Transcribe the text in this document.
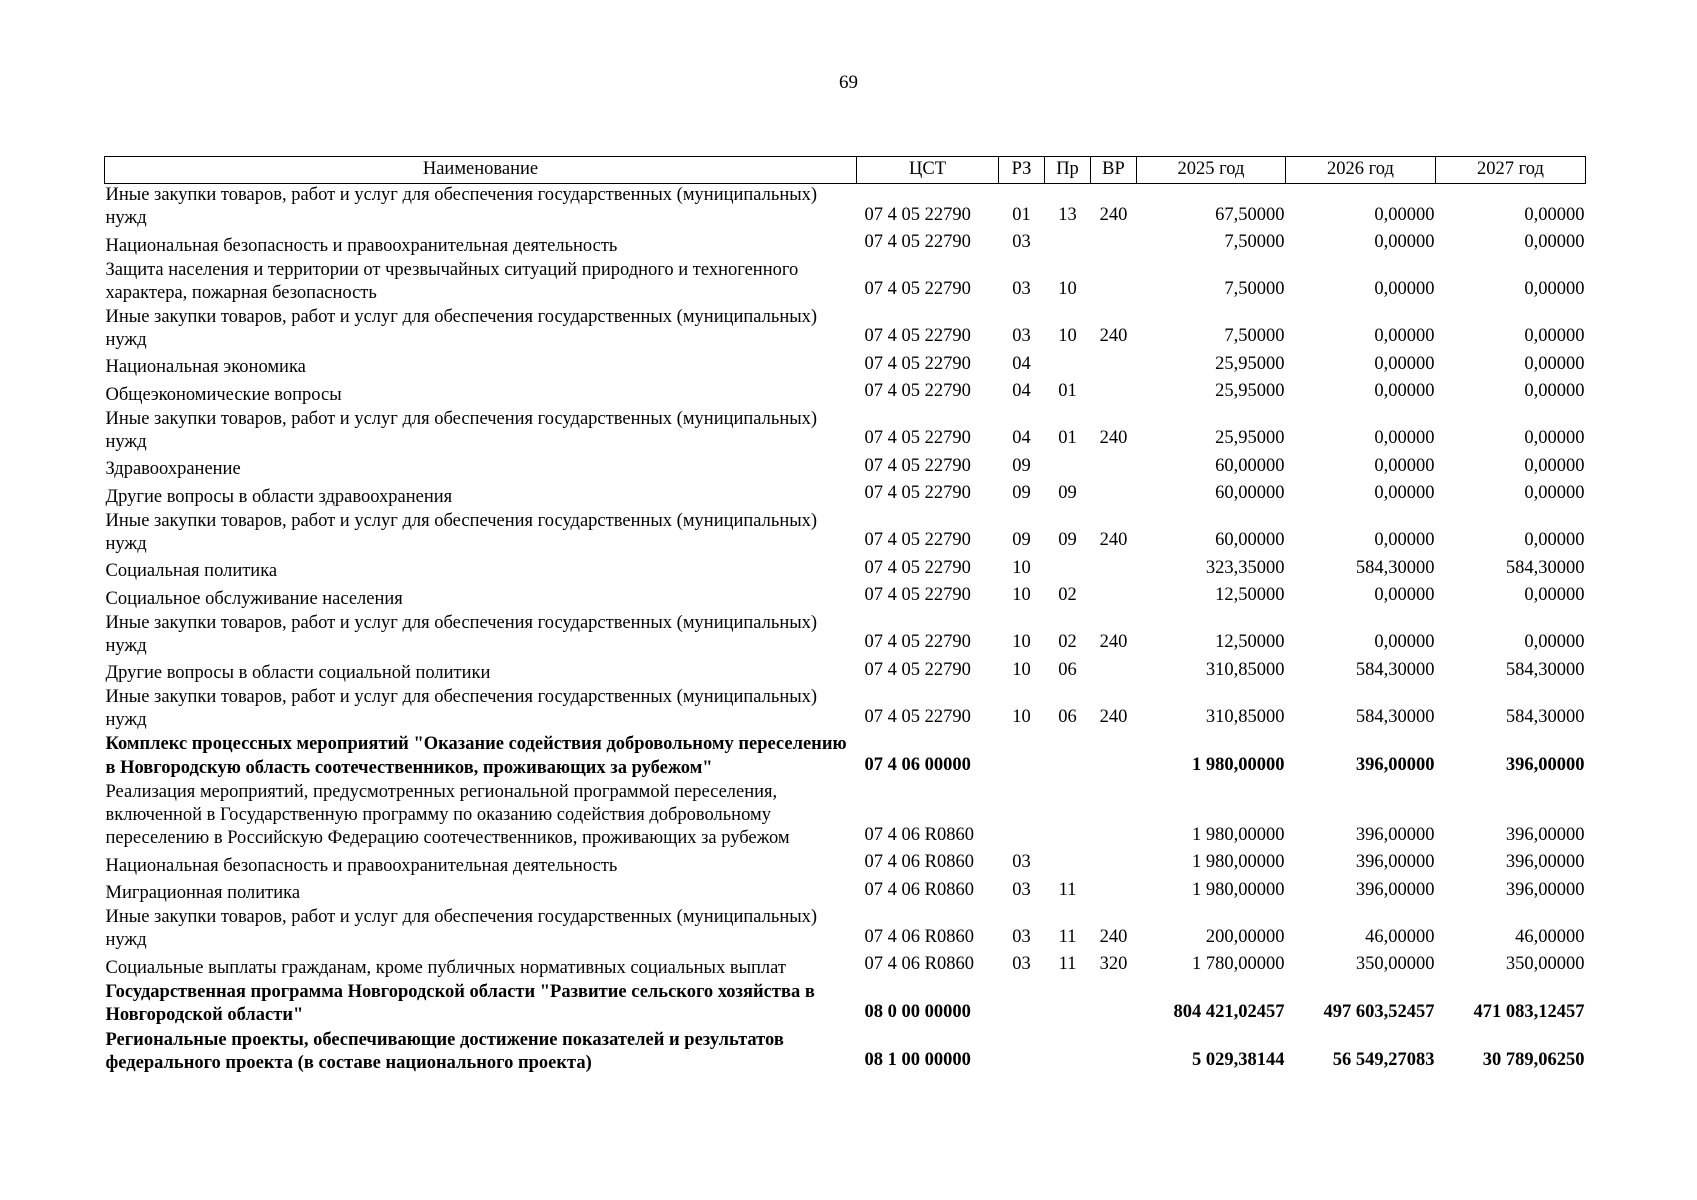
69
Наименование	ЦСТ	РЗ	Пр	ВР	2025 год	2026 год	2027 год
Иные закупки товаров, работ и услуг для обеспечения государственных (муниципальных) нужд	07 4 05 22790	01	13	240	67,50000	0,00000	0,00000
Национальная безопасность и правоохранительная деятельность	07 4 05 22790	03			7,50000	0,00000	0,00000
Защита населения и территории от чрезвычайных ситуаций природного и техногенного характера, пожарная безопасность	07 4 05 22790	03	10		7,50000	0,00000	0,00000
Иные закупки товаров, работ и услуг для обеспечения государственных (муниципальных) нужд	07 4 05 22790	03	10	240	7,50000	0,00000	0,00000
Национальная экономика	07 4 05 22790	04			25,95000	0,00000	0,00000
Общеэкономические вопросы	07 4 05 22790	04	01		25,95000	0,00000	0,00000
Иные закупки товаров, работ и услуг для обеспечения государственных (муниципальных) нужд	07 4 05 22790	04	01	240	25,95000	0,00000	0,00000
Здравоохранение	07 4 05 22790	09			60,00000	0,00000	0,00000
Другие вопросы в области здравоохранения	07 4 05 22790	09	09		60,00000	0,00000	0,00000
Иные закупки товаров, работ и услуг для обеспечения государственных (муниципальных) нужд	07 4 05 22790	09	09	240	60,00000	0,00000	0,00000
Социальная политика	07 4 05 22790	10			323,35000	584,30000	584,30000
Социальное обслуживание населения	07 4 05 22790	10	02		12,50000	0,00000	0,00000
Иные закупки товаров, работ и услуг для обеспечения государственных (муниципальных) нужд	07 4 05 22790	10	02	240	12,50000	0,00000	0,00000
Другие вопросы в области социальной политики	07 4 05 22790	10	06		310,85000	584,30000	584,30000
Иные закупки товаров, работ и услуг для обеспечения государственных (муниципальных) нужд	07 4 05 22790	10	06	240	310,85000	584,30000	584,30000
Комплекс процессных мероприятий "Оказание содействия добровольному переселению в Новгородскую область соотечественников, проживающих за рубежом"	07 4 06 00000				1 980,00000	396,00000	396,00000
Реализация мероприятий, предусмотренных региональной программой переселения, включенной в Государственную программу по оказанию содействия добровольному переселению в Российскую Федерацию соотечественников, проживающих за рубежом	07 4 06 R0860				1 980,00000	396,00000	396,00000
Национальная безопасность и правоохранительная деятельность	07 4 06 R0860	03			1 980,00000	396,00000	396,00000
Миграционная политика	07 4 06 R0860	03	11		1 980,00000	396,00000	396,00000
Иные закупки товаров, работ и услуг для обеспечения государственных (муниципальных) нужд	07 4 06 R0860	03	11	240	200,00000	46,00000	46,00000
Социальные выплаты гражданам, кроме публичных нормативных социальных выплат	07 4 06 R0860	03	11	320	1 780,00000	350,00000	350,00000
Государственная программа Новгородской области "Развитие сельского хозяйства в Новгородской области"	08 0 00 00000				804 421,02457	497 603,52457	471 083,12457
Региональные проекты, обеспечивающие достижение показателей и результатов федерального проекта (в составе национального проекта)	08 1 00 00000				5 029,38144	56 549,27083	30 789,06250
